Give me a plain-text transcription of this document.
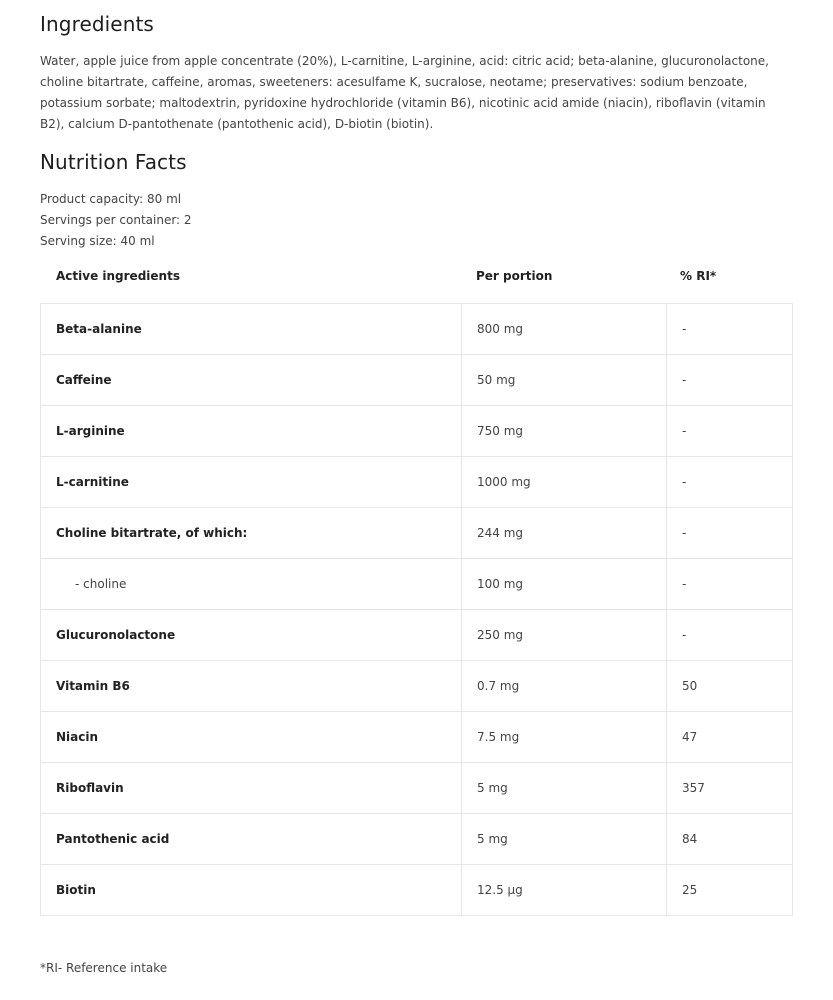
Ingredients

Water, apple juice from apple concentrate (20%), L-carnitine, L-arginine, acid: citric acid; beta-alanine, glucuronolactone, choline bitartrate, caffeine, aromas, sweeteners: acesulfame K, sucralose, neotame; preservatives: sodium benzoate, potassium sorbate; maltodextrin, pyridoxine hydrochloride (vitamin B6), nicotinic acid amide (niacin), riboflavin (vitamin B2), calcium D-pantothenate (pantothenic acid), D-biotin (biotin).

Nutrition Facts
Product capacity: 80 ml
Servings per container: 2
Serving size: 40 ml
Active ingredients	Per portion	% RI*
Beta-alanine	800 mg	-
Caffeine	50 mg	-
L-arginine	750 mg	-
L-carnitine	1000 mg	-
Choline bitartrate, of which:	244 mg	-
- choline	100 mg	-
Glucuronolactone	250 mg	-
Vitamin B6	0.7 mg	50
Niacin	7.5 mg	47
Riboflavin	5 mg	357
Pantothenic acid	5 mg	84
Biotin	12.5 µg	25
*RI- Reference intake
